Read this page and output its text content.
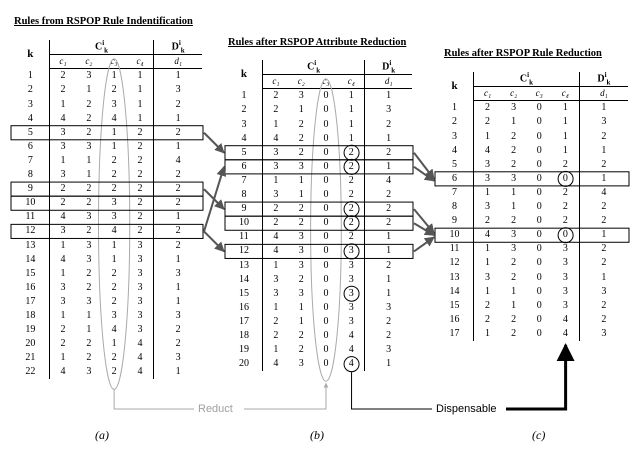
Rules from RSPOP Rule Indentification
Rules after RSPOP Attribute Reduction
Rules after RSPOP Rule Reduction
k	$C^i_k$				$D^i_k$
	c₁	c₂	c₃	c₄	d₁
1	2	3	1	1	1
2	2	1	2	1	3
3	1	2	3	1	2
4	4	2	4	1	1
5	3	2	1	2	2
6	3	3	1	2	1
7	1	1	2	2	4
8	3	1	2	2	2
9	2	2	2	2	2
10	2	2	3	2	2
11	4	3	3	2	1
12	3	2	4	2	2
13	1	3	1	3	2
14	4	3	1	3	1
15	1	2	2	3	3
16	3	2	2	3	1
17	3	3	2	3	1
18	1	1	3	3	3
19	2	1	4	3	2
20	2	2	1	4	2
21	1	2	2	4	3
22	4	3	2	4	1
k	$C^i_k$				$D^i_k$
	c₁	c₂	c₃	c₄	d₁
1	2	3	0	1	1
2	2	1	0	1	3
3	1	2	0	1	2
4	4	2	0	1	1
5	3	2	0	2	2
6	3	3	0	2	1
7	1	1	0	2	4
8	3	1	0	2	2
9	2	2	0	2	2
10	2	2	0	2	2
11	4	3	0	2	1
12	4	3	0	3	1
13	1	3	0	3	2
14	3	2	0	3	1
15	3	3	0	3	1
16	1	1	0	3	3
17	2	1	0	3	2
18	2	2	0	4	2
19	1	2	0	4	3
20	4	3	0	4	1
k	$C^i_k$				$D^i_k$
	c₁	c₂	c₃	c₄	d₁
1	2	3	0	1	1
2	2	1	0	1	3
3	1	2	0	1	2
4	4	2	0	1	1
5	3	2	0	2	2
6	3	3	0	0	1
7	1	1	0	2	4
8	3	1	0	2	2
9	2	2	0	2	2
10	4	3	0	0	1
11	1	3	0	3	2
12	1	2	0	3	2
13	3	2	0	3	1
14	1	1	0	3	3
15	2	1	0	3	2
16	2	2	0	4	2
17	1	2	0	4	3
Reduct	Dispensable
(a)	(b)	(c)
